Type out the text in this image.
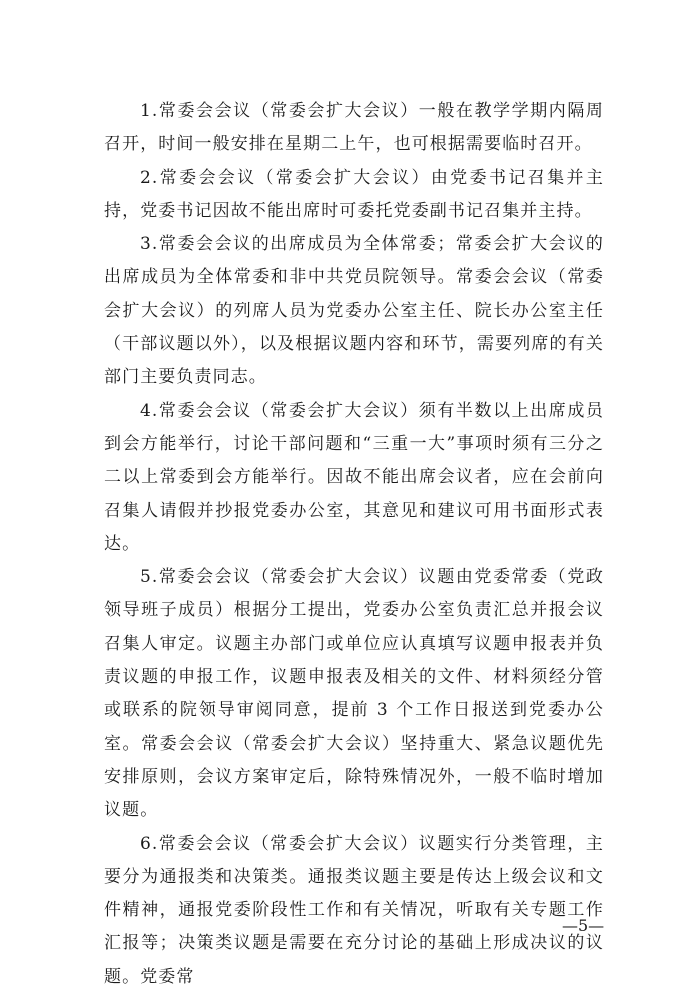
1.常委会会议（常委会扩大会议）一般在教学学期内隔周召开，时间一般安排在星期二上午，也可根据需要临时召开。

2.常委会会议（常委会扩大会议）由党委书记召集并主持，党委书记因故不能出席时可委托党委副书记召集并主持。

3.常委会会议的出席成员为全体常委；常委会扩大会议的出席成员为全体常委和非中共党员院领导。常委会会议（常委会扩大会议）的列席人员为党委办公室主任、院长办公室主任（干部议题以外），以及根据议题内容和环节，需要列席的有关部门主要负责同志。

4.常委会会议（常委会扩大会议）须有半数以上出席成员到会方能举行，讨论干部问题和“三重一大”事项时须有三分之二以上常委到会方能举行。因故不能出席会议者，应在会前向召集人请假并抄报党委办公室，其意见和建议可用书面形式表达。

5.常委会会议（常委会扩大会议）议题由党委常委（党政领导班子成员）根据分工提出，党委办公室负责汇总并报会议召集人审定。议题主办部门或单位应认真填写议题申报表并负责议题的申报工作，议题申报表及相关的文件、材料须经分管或联系的院领导审阅同意，提前 3 个工作日报送到党委办公室。常委会会议（常委会扩大会议）坚持重大、紧急议题优先安排原则，会议方案审定后，除特殊情况外，一般不临时增加议题。

6.常委会会议（常委会扩大会议）议题实行分类管理，主要分为通报类和决策类。通报类议题主要是传达上级会议和文件精神，通报党委阶段性工作和有关情况，听取有关专题工作汇报等；决策类议题是需要在充分讨论的基础上形成决议的议题。党委常

—5—
